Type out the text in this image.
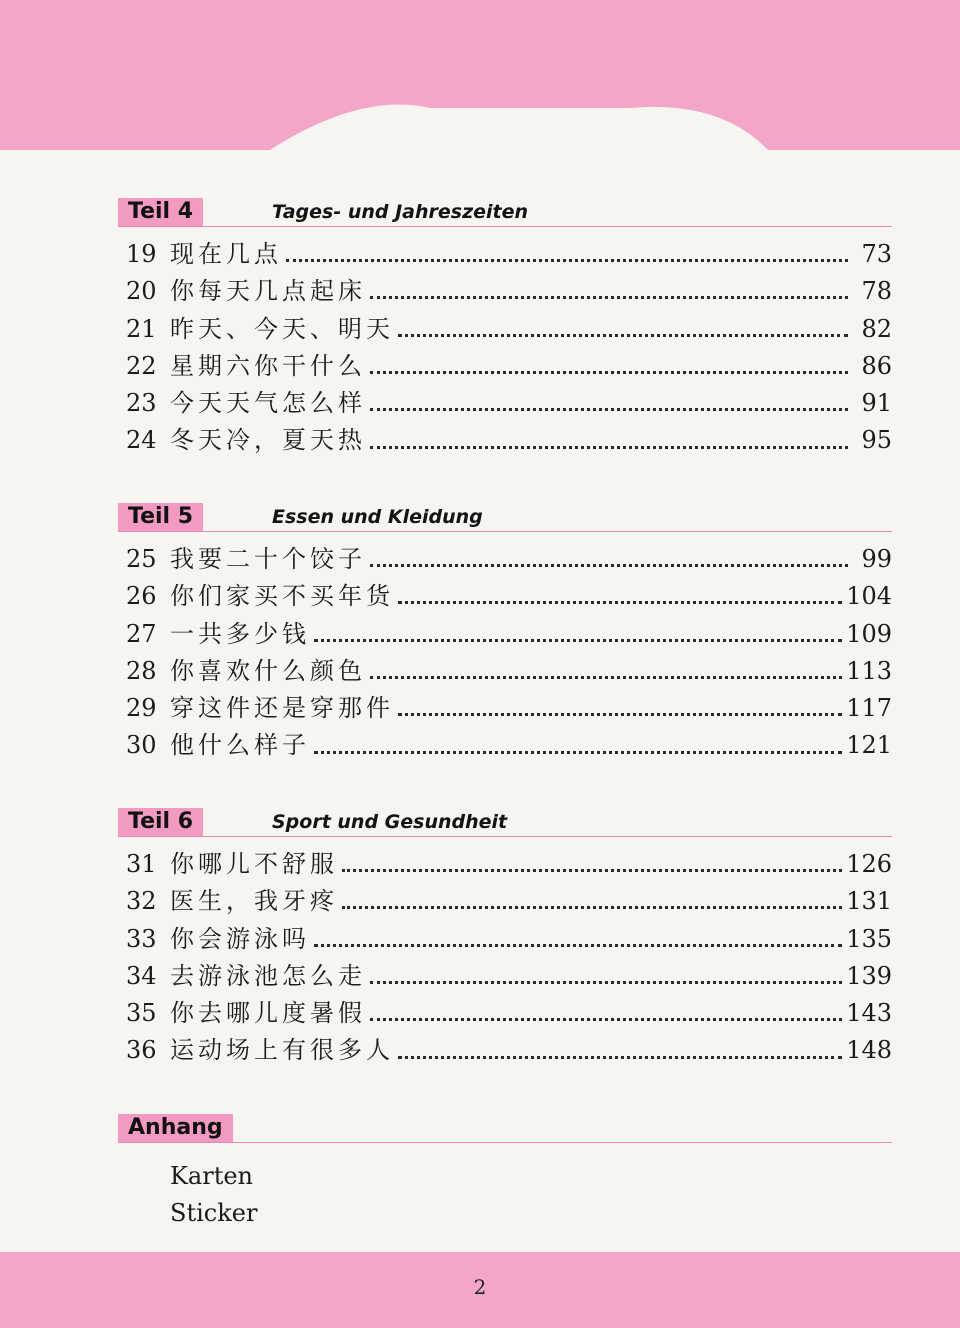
Teil 4	Tages- und Jahreszeiten
19 现在几点	73
20 你每天几点起床	78
21 昨天、今天、明天	82
22 星期六你干什么	86
23 今天天气怎么样	91
24 冬天冷，夏天热	95
Teil 5	Essen und Kleidung
25 我要二十个饺子	99
26 你们家买不买年货	104
27 一共多少钱	109
28 你喜欢什么颜色	113
29 穿这件还是穿那件	117
30 他什么样子	121
Teil 6	Sport und Gesundheit
31 你哪儿不舒服	126
32 医生，我牙疼	131
33 你会游泳吗	135
34 去游泳池怎么走	139
35 你去哪儿度暑假	143
36 运动场上有很多人	148
Anhang
Karten
Sticker
2
